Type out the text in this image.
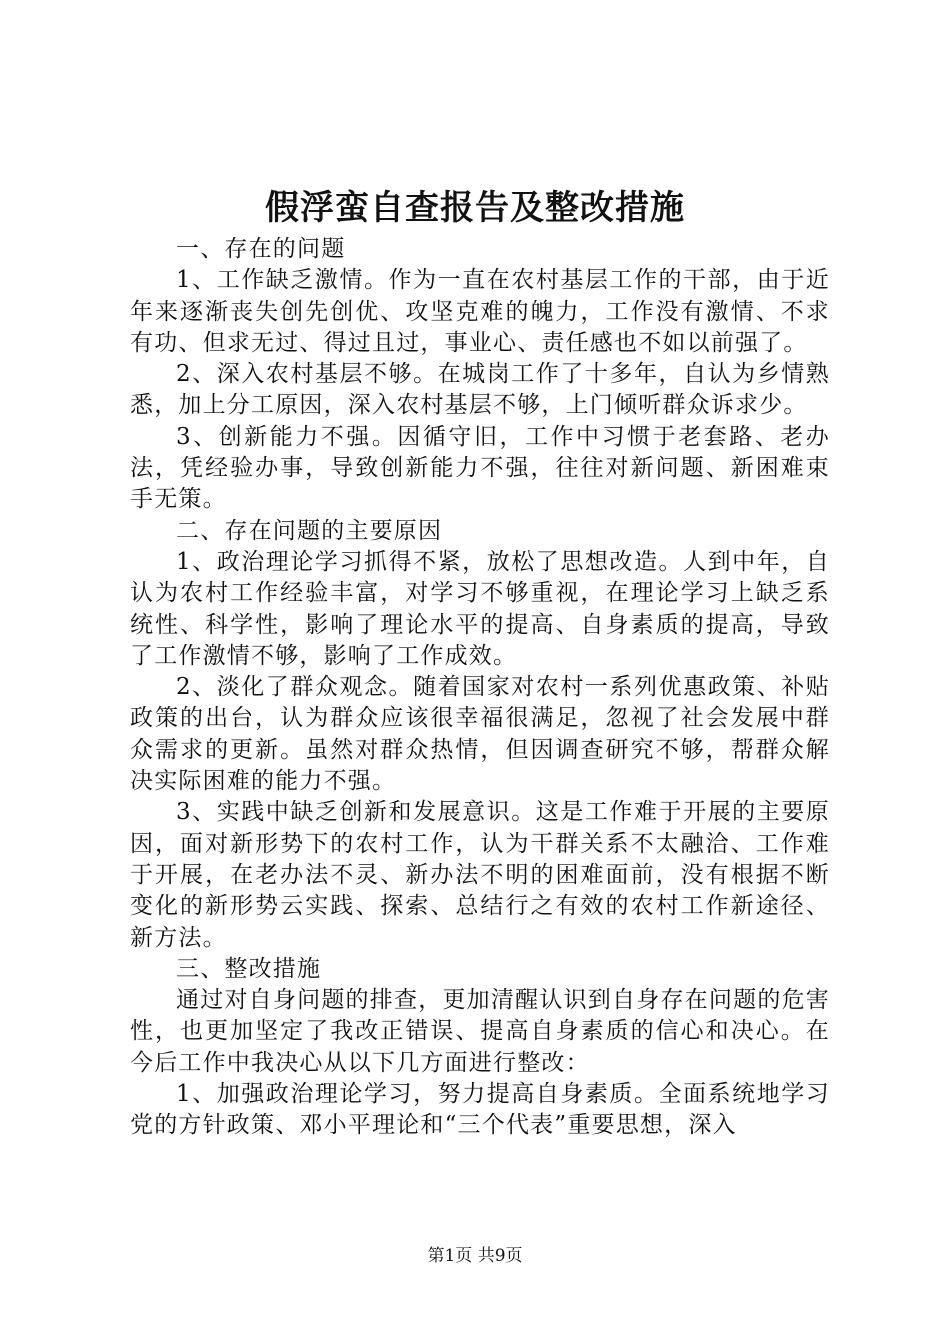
假浮蛮自查报告及整改措施

一、存在的问题

1、工作缺乏激情。作为一直在农村基层工作的干部，由于近年来逐渐丧失创先创优、攻坚克难的魄力，工作没有激情、不求有功、但求无过、得过且过，事业心、责任感也不如以前强了。

2、深入农村基层不够。在城岗工作了十多年，自认为乡情熟悉，加上分工原因，深入农村基层不够，上门倾听群众诉求少。

3、创新能力不强。因循守旧，工作中习惯于老套路、老办法，凭经验办事，导致创新能力不强，往往对新问题、新困难束手无策。

二、存在问题的主要原因

1、政治理论学习抓得不紧，放松了思想改造。人到中年，自认为农村工作经验丰富，对学习不够重视，在理论学习上缺乏系统性、科学性，影响了理论水平的提高、自身素质的提高，导致了工作激情不够，影响了工作成效。

2、淡化了群众观念。随着国家对农村一系列优惠政策、补贴政策的出台，认为群众应该很幸福很满足，忽视了社会发展中群众需求的更新。虽然对群众热情，但因调查研究不够，帮群众解决实际困难的能力不强。

3、实践中缺乏创新和发展意识。这是工作难于开展的主要原因，面对新形势下的农村工作，认为干群关系不太融洽、工作难于开展，在老办法不灵、新办法不明的困难面前，没有根据不断变化的新形势云实践、探索、总结行之有效的农村工作新途径、新方法。

三、整改措施

通过对自身问题的排查，更加清醒认识到自身存在问题的危害性，也更加坚定了我改正错误、提高自身素质的信心和决心。在今后工作中我决心从以下几方面进行整改：

1、加强政治理论学习，努力提高自身素质。全面系统地学习党的方针政策、邓小平理论和“三个代表”重要思想，深入

第1页 共9页
